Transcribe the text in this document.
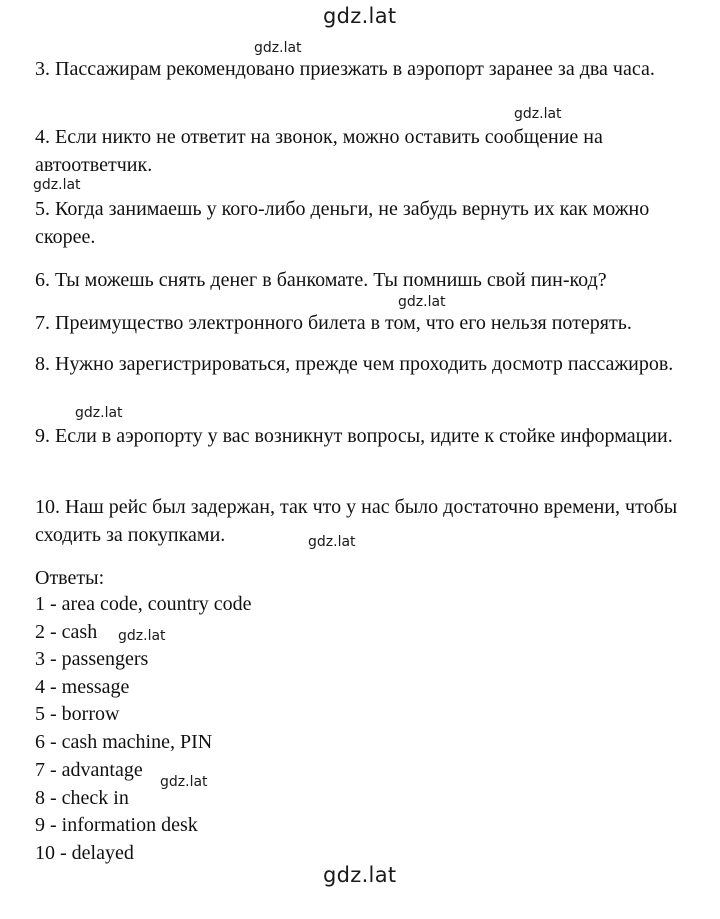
gdz.lat
gdz.lat
gdz.lat
gdz.lat
gdz.lat
gdz.lat
gdz.lat
gdz.lat
gdz.lat
gdz.lat

3. Пассажирам рекомендовано приезжать в аэропорт заранее за два часа.

4. Если никто не ответит на звонок, можно оставить сообщение на автоответчик.

5. Когда занимаешь у кого-либо деньги, не забудь вернуть их как можно скорее.

6. Ты можешь снять денег в банкомате. Ты помнишь свой пин-код?

7. Преимущество электронного билета в том, что его нельзя потерять.

8. Нужно зарегистрироваться, прежде чем проходить досмотр пассажиров.

9. Если в аэропорту у вас возникнут вопросы, идите к стойке информации.

10. Наш рейс был задержан, так что у нас было достаточно времени, чтобы сходить за покупками.

Ответы:
1 - area code, country code
2 - cash
3 - passengers
4 - message
5 - borrow
6 - cash machine, PIN
7 - advantage
8 - check in
9 - information desk
10 - delayed
